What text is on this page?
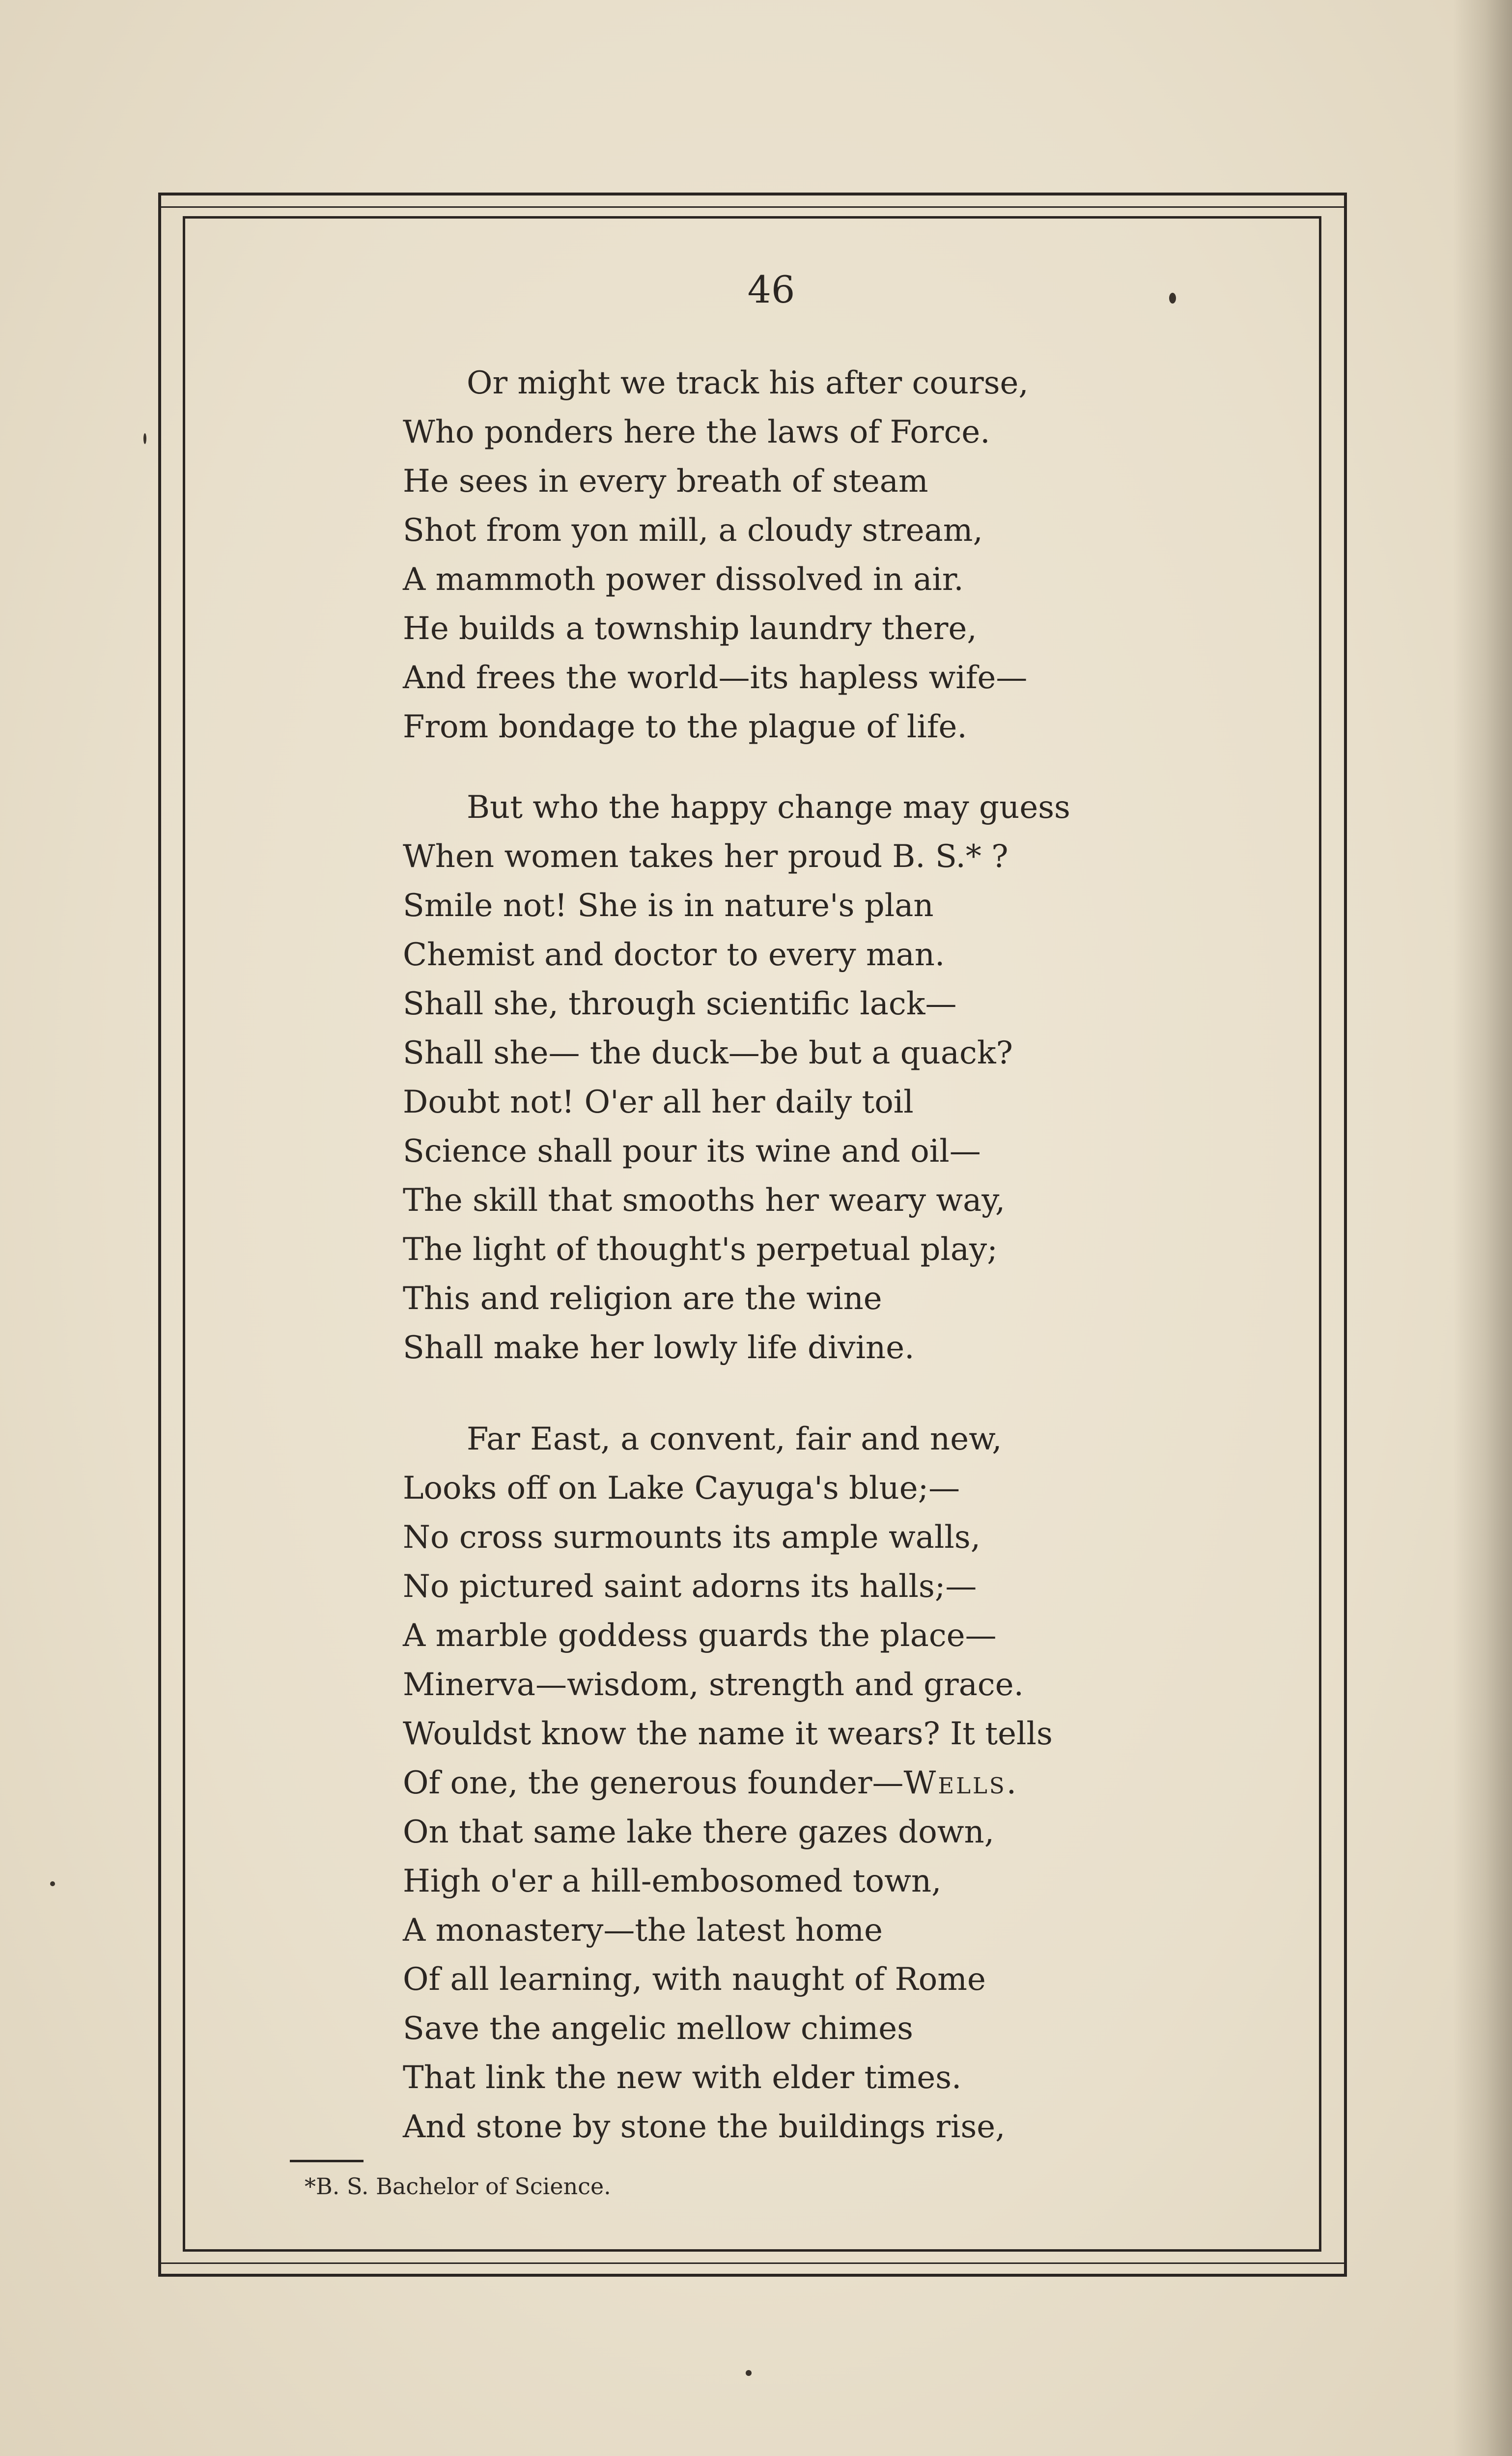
46
Or might we track his after course,
Who ponders here the laws of Force.
He sees in every breath of steam
Shot from yon mill, a cloudy stream,
A mammoth power dissolved in air.
He builds a township laundry there,
And frees the world—its hapless wife—
From bondage to the plague of life.
But who the happy change may guess
When women takes her proud B. S.* ?
Smile not! She is in nature's plan
Chemist and doctor to every man.
Shall she, through scientific lack—
Shall she— the duck—be but a quack?
Doubt not! O'er all her daily toil
Science shall pour its wine and oil—
The skill that smooths her weary way,
The light of thought's perpetual play;
This and religion are the wine
Shall make her lowly life divine.
Far East, a convent, fair and new,
Looks off on Lake Cayuga's blue;—
No cross surmounts its ample walls,
No pictured saint adorns its halls;—
A marble goddess guards the place—
Minerva—wisdom, strength and grace.
Wouldst know the name it wears? It tells
Of one, the generous founder—Wells.
On that same lake there gazes down,
High o'er a hill-embosomed town,
A monastery—the latest home
Of all learning, with naught of Rome
Save the angelic mellow chimes
That link the new with elder times.
And stone by stone the buildings rise,
*B. S. Bachelor of Science.
